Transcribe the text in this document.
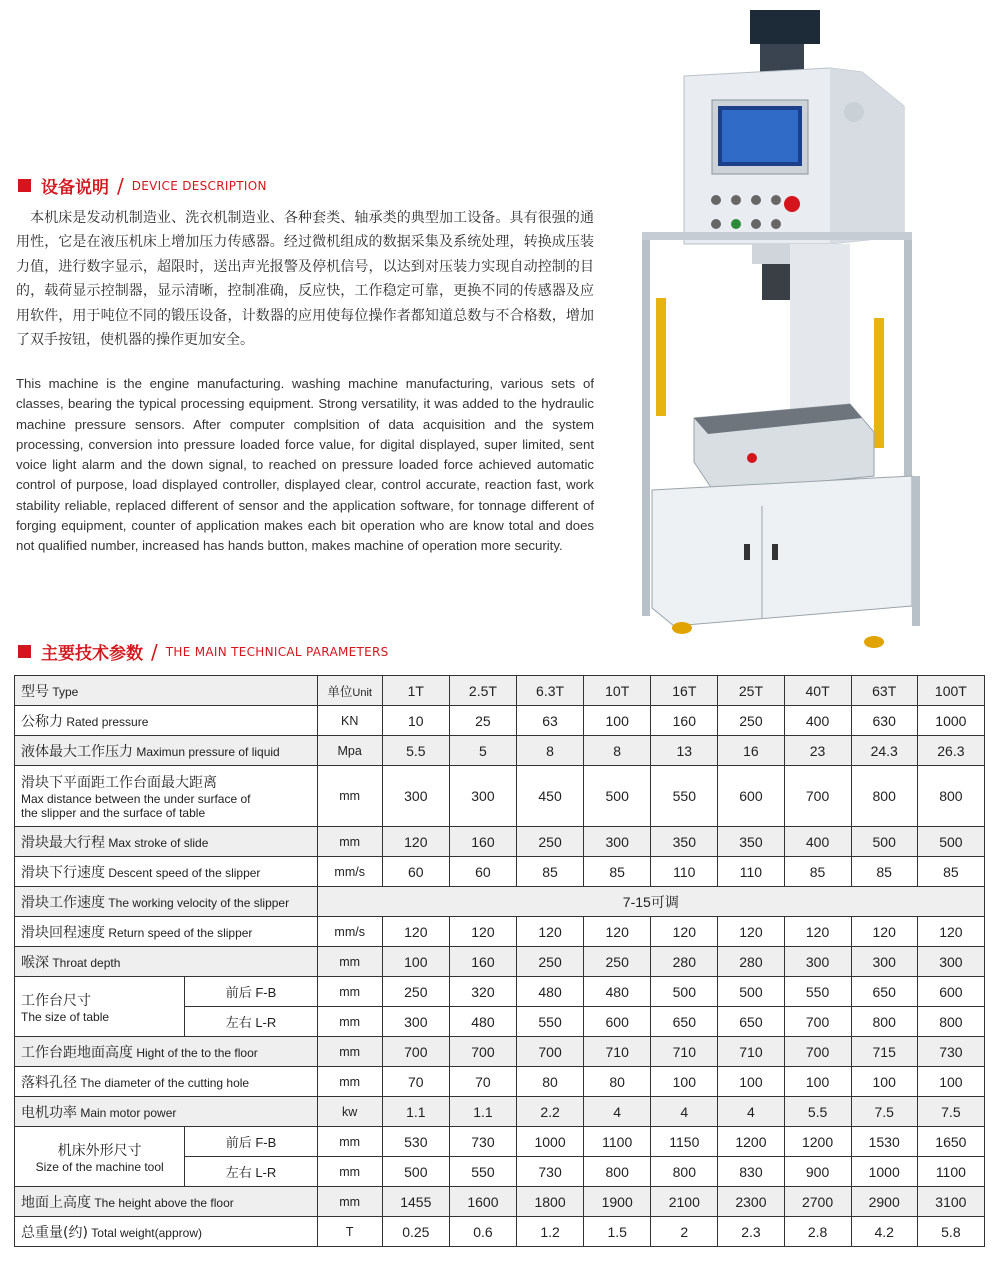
设备说明 / DEVICE DESCRIPTION
本机床是发动机制造业、洗衣机制造业、各种套类、轴承类的典型加工设备。具有很强的通用性，它是在液压机床上增加压力传感器。经过微机组成的数据采集及系统处理，转换成压装力值，进行数字显示，超限时，送出声光报警及停机信号，以达到对压装力实现自动控制的目的，载荷显示控制器，显示清晰，控制准确，反应快，工作稳定可靠，更换不同的传感器及应用软件，用于吨位不同的锻压设备，计数器的应用使每位操作者都知道总数与不合格数，增加了双手按钮，使机器的操作更加安全。
This machine is the engine manufacturing. washing machine manufacturing, various sets of classes, bearing the typical processing equipment. Strong versatility, it was added to the hydraulic machine pressure sensors. After computer complsition of data acquisition and the system processing, conversion into pressure loaded force value, for digital displayed, super limited, sent voice light alarm and the down signal, to reached on pressure loaded force achieved automatic control of purpose, load displayed controller, displayed clear, control accurate, reaction fast, work stability reliable, replaced different of sensor and the application software, for tonnage different of forging equipment, counter of application makes each bit operation who are know total and does not qualified number, increased has hands button, makes machine of operation more security.
主要技术参数 / THE MAIN TECHNICAL PARAMETERS
型号 Type		单位Unit	1T	2.5T	6.3T	10T	16T	25T	40T	63T	100T
公称力 Rated pressure		KN	10	25	63	100	160	250	400	630	1000
液体最大工作压力 Maximun pressure of liquid		Mpa	5.5	5	8	8	13	16	23	24.3	26.3

滑块下平面距工作台面最大距离
Max distance between the under surface of
the slipper and the surface of table		mm	300	300	450	500	550	600	700	800	800
滑块最大行程 Max stroke of slide		mm	120	160	250	300	350	350	400	500	500
滑块下行速度 Descent speed of the slipper		mm/s	60	60	85	85	110	110	85	85	85
滑块工作速度 The working velocity of the slipper		7-15可调									
滑块回程速度 Return speed of the slipper		mm/s	120	120	120	120	120	120	120	120	120
喉深 Throat depth		mm	100	160	250	250	280	280	300	300	300

工作台尺寸
The size of table	前后 F-B	mm	250	320	480	480	500	500	550	650	600
	左右 L-R	mm	300	480	550	600	650	650	700	800	800
工作台距地面高度 Hight of the to the floor		mm	700	700	700	710	710	710	700	715	730
落料孔径 The diameter of the cutting hole		mm	70	70	80	80	100	100	100	100	100
电机功率 Main motor power		kw	1.1	1.1	2.2	4	4	4	5.5	7.5	7.5

机床外形尺寸
Size of the machine tool	前后 F-B	mm	530	730	1000	1100	1150	1200	1200	1530	1650
	左右 L-R	mm	500	550	730	800	800	830	900	1000	1100
地面上高度 The height above the floor		mm	1455	1600	1800	1900	2100	2300	2700	2900	3100
总重量(约) Total weight(approw)		T	0.25	0.6	1.2	1.5	2	2.3	2.8	4.2	5.8
